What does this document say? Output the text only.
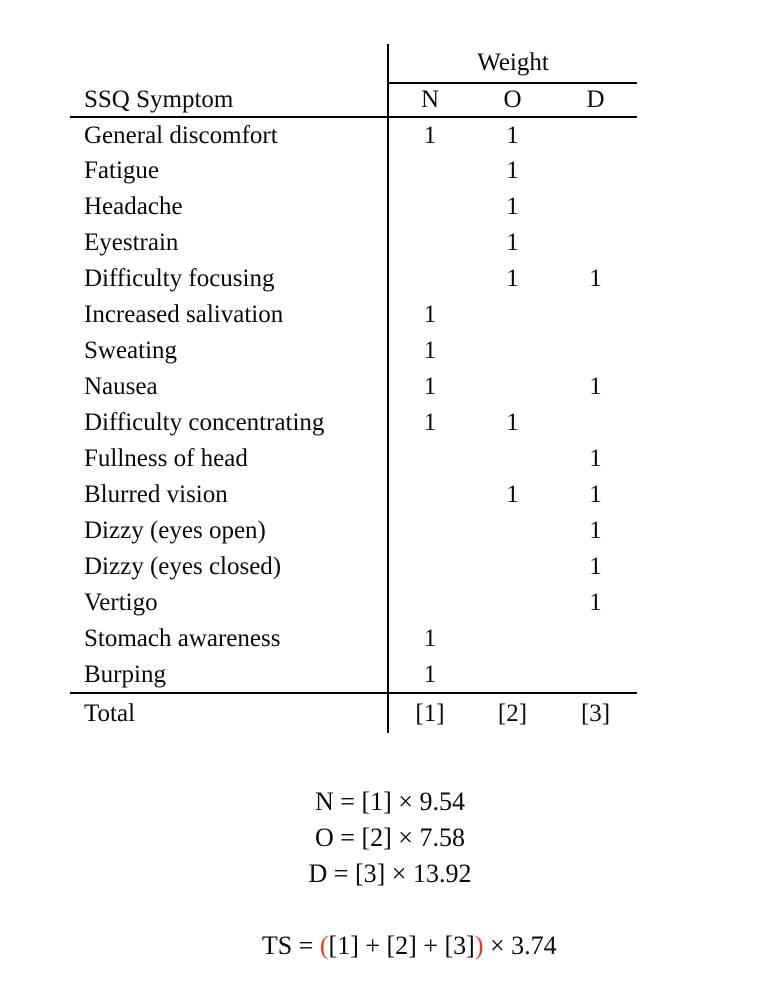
	Weight		
SSQ Symptom	N	O	D
General discomfort	1	1	
Fatigue		1	
Headache		1	
Eyestrain		1	
Difficulty focusing		1	1
Increased salivation	1		
Sweating	1		
Nausea	1		1
Difficulty concentrating	1	1	
Fullness of head			1
Blurred vision		1	1
Dizzy (eyes open)			1
Dizzy (eyes closed)			1
Vertigo			1
Stomach awareness	1		
Burping	1		
Total	[1]	[2]	[3]
N = [1] × 9.54
O = [2] × 7.58
D = [3] × 13.92

TS = ([1] + [2] + [3]) × 3.74
